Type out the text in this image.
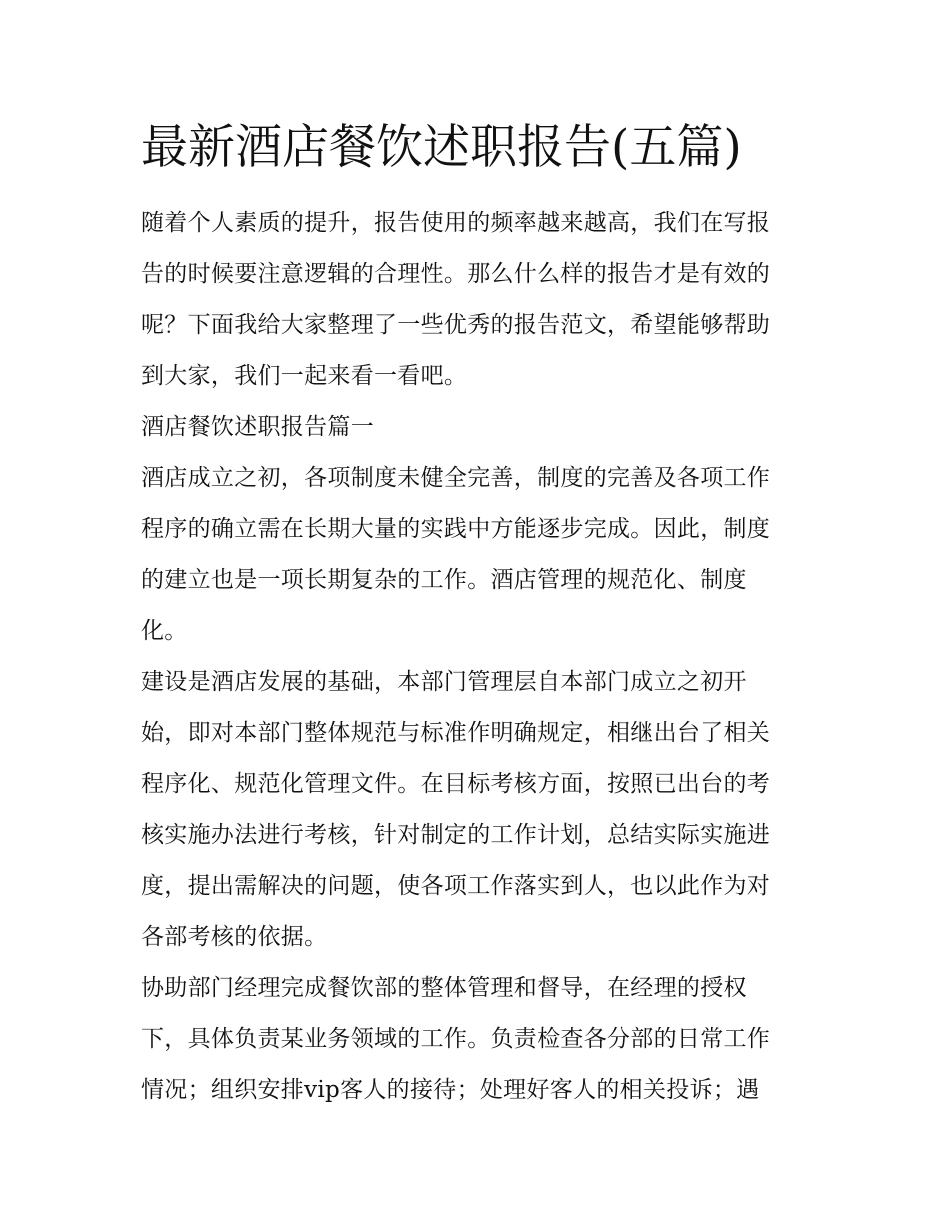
最新酒店餐饮述职报告(五篇)
随着个人素质的提升，报告使用的频率越来越高，我们在写报
告的时候要注意逻辑的合理性。那么什么样的报告才是有效的
呢？下面我给大家整理了一些优秀的报告范文，希望能够帮助
到大家，我们一起来看一看吧。
酒店餐饮述职报告篇一
酒店成立之初，各项制度未健全完善，制度的完善及各项工作
程序的确立需在长期大量的实践中方能逐步完成。因此，制度
的建立也是一项长期复杂的工作。酒店管理的规范化、制度
化。
建设是酒店发展的基础，本部门管理层自本部门成立之初开
始，即对本部门整体规范与标准作明确规定，相继出台了相关
程序化、规范化管理文件。在目标考核方面，按照已出台的考
核实施办法进行考核，针对制定的工作计划，总结实际实施进
度，提出需解决的问题，使各项工作落实到人，也以此作为对
各部考核的依据。
协助部门经理完成餐饮部的整体管理和督导，在经理的授权
下，具体负责某业务领域的工作。负责检查各分部的日常工作
情况；组织安排vip客人的接待；处理好客人的相关投诉；遇
